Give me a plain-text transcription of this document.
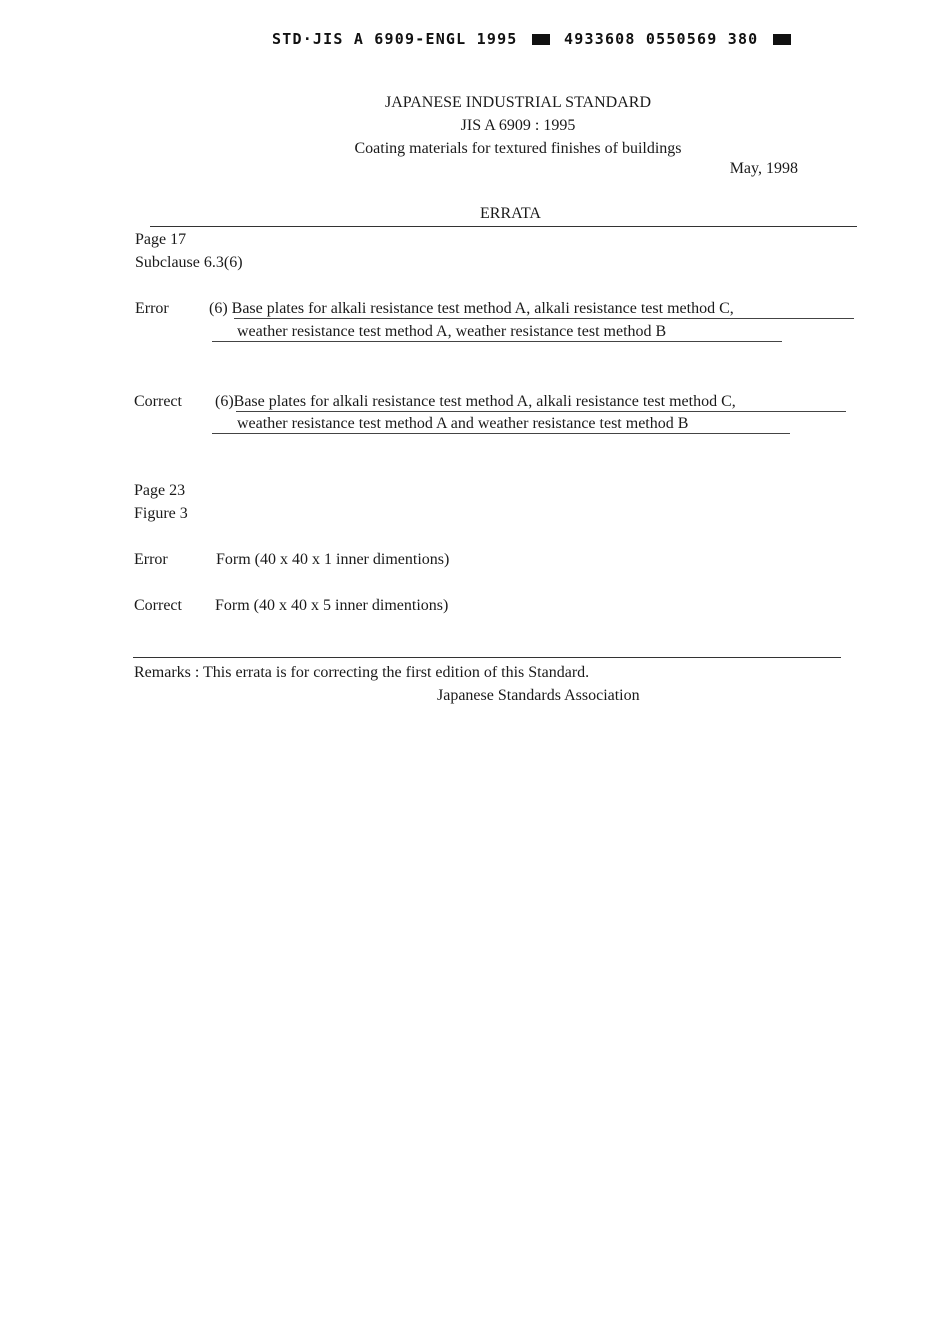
STD·JIS A 6909-ENGL 1995	4933608 0550569 380
JAPANESE INDUSTRIAL STANDARD
JIS A 6909 : 1995
Coating materials for textured finishes of buildings
May, 1998
ERRATA
Page 17
Subclause 6.3(6)
Error	(6) Base plates for alkali resistance test method A, alkali resistance test method C,
weather resistance test method A, weather resistance test method B
Correct (6)Base plates for alkali resistance test method A, alkali resistance test method C,
weather resistance test method A and weather resistance test method B
Page 23
Figure 3
Error	Form (40 x 40 x 1 inner dimentions)
Correct Form (40 x 40 x 5 inner dimentions)
Remarks : This errata is for correcting the first edition of this Standard.
Japanese Standards Association
